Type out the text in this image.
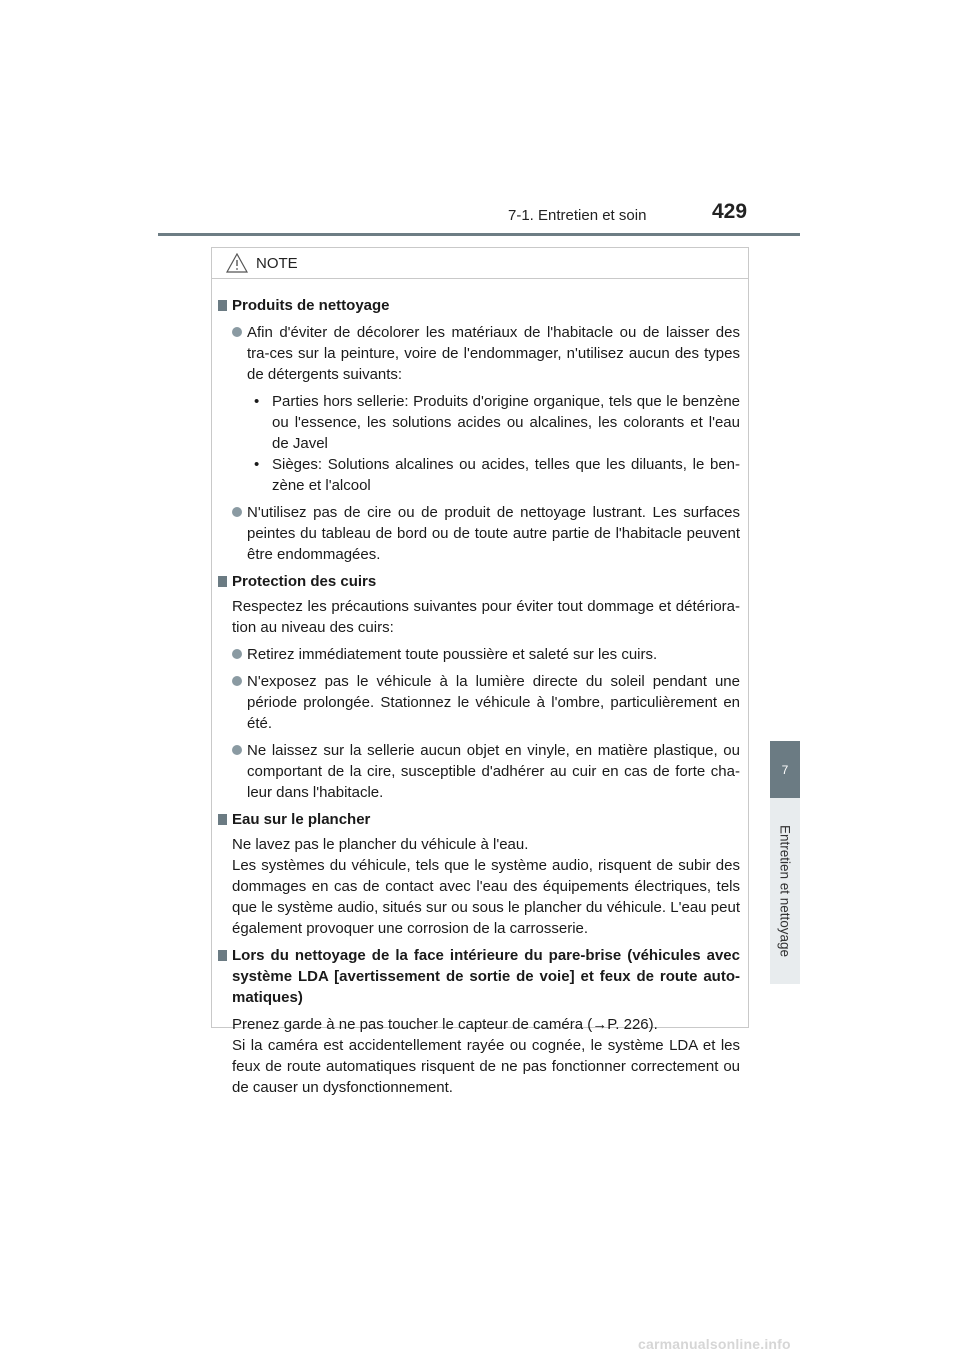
7-1. Entretien et soin	429
7
Entretien et nettoyage
NOTE
Produits de nettoyage
Afin d'éviter de décolorer les matériaux de l'habitacle ou de laisser des tra-ces sur la peinture, voire de l'endommager, n'utilisez aucun des types de détergents suivants:
• Parties hors sellerie: Produits d'origine organique, tels que le benzène ou l'essence, les solutions acides ou alcalines, les colorants et l'eau de Javel
• Sièges: Solutions alcalines ou acides, telles que les diluants, le ben-zène et l'alcool
N'utilisez pas de cire ou de produit de nettoyage lustrant. Les surfaces peintes du tableau de bord ou de toute autre partie de l'habitacle peuvent être endommagées.
Protection des cuirs
Respectez les précautions suivantes pour éviter tout dommage et détériora-tion au niveau des cuirs:
Retirez immédiatement toute poussière et saleté sur les cuirs.
N'exposez pas le véhicule à la lumière directe du soleil pendant une période prolongée. Stationnez le véhicule à l'ombre, particulièrement en été.
Ne laissez sur la sellerie aucun objet en vinyle, en matière plastique, ou comportant de la cire, susceptible d'adhérer au cuir en cas de forte cha-leur dans l'habitacle.
Eau sur le plancher
Ne lavez pas le plancher du véhicule à l'eau.
Les systèmes du véhicule, tels que le système audio, risquent de subir des dommages en cas de contact avec l'eau des équipements électriques, tels que le système audio, situés sur ou sous le plancher du véhicule. L'eau peut également provoquer une corrosion de la carrosserie.
Lors du nettoyage de la face intérieure du pare-brise (véhicules avec système LDA [avertissement de sortie de voie] et feux de route auto-matiques)
Prenez garde à ne pas toucher le capteur de caméra (→P. 226).
Si la caméra est accidentellement rayée ou cognée, le système LDA et les feux de route automatiques risquent de ne pas fonctionner correctement ou de causer un dysfonctionnement.
carmanualsonline.info
